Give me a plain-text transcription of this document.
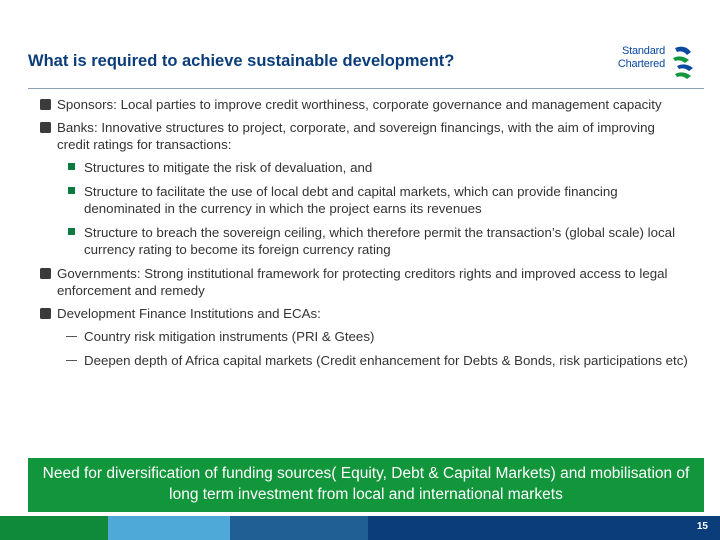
What is required to achieve sustainable development?
Standard
Chartered
Sponsors: Local parties to improve credit worthiness, corporate governance and management capacity
Banks: Innovative structures to project, corporate, and sovereign financings, with the aim of improving credit ratings for transactions:
Structures to mitigate the risk of devaluation, and
Structure to facilitate the use of local debt and capital markets, which can provide financing denominated in the currency in which the project earns its revenues
Structure to breach the sovereign ceiling, which therefore permit the transaction’s (global scale) local currency rating to become its foreign currency rating
Governments: Strong institutional framework for protecting creditors rights and improved access to legal enforcement and remedy
Development Finance Institutions and ECAs:
Country risk mitigation instruments (PRI & Gtees)
Deepen depth of Africa capital markets (Credit enhancement for Debts & Bonds, risk participations etc)
Need for diversification of funding sources( Equity, Debt & Capital Markets) and mobilisation of long term investment from local and international markets
15
